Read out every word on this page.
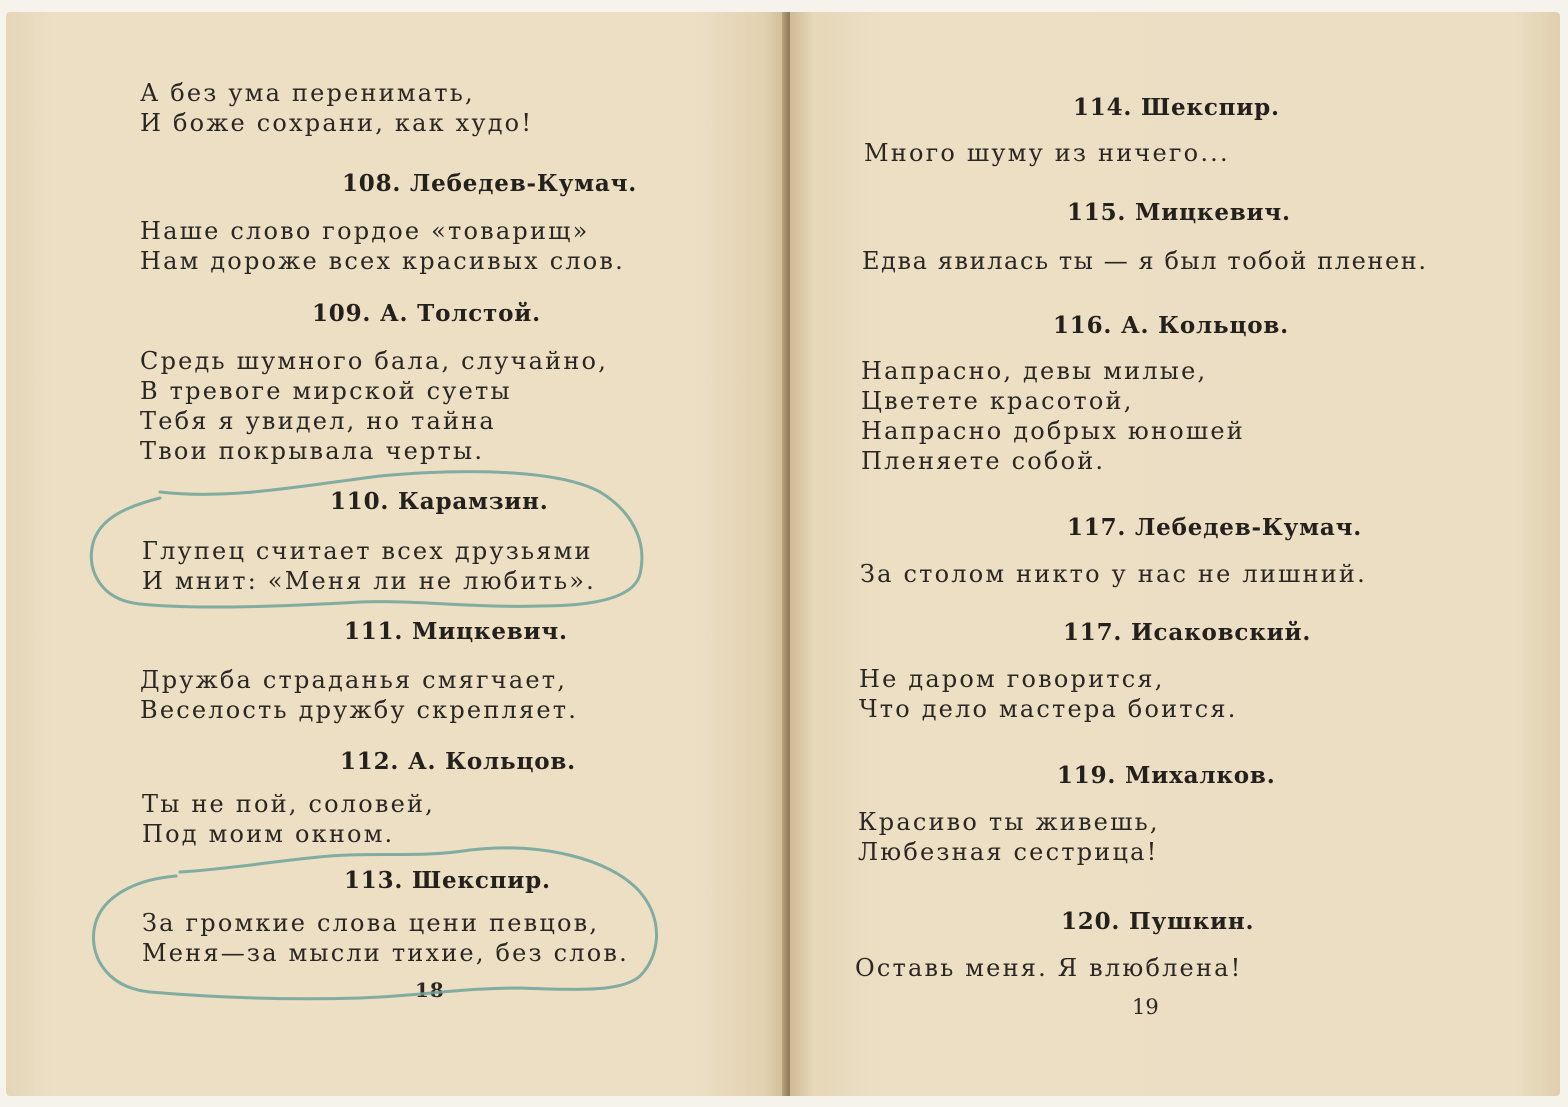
А без ума перенимать,
И боже сохрани, как худо!
108. Лебедев-Кумач.
Наше слово гордое «товарищ»
Нам дороже всех красивых слов.
109. А. Толстой.
Средь шумного бала, случайно,
В тревоге мирской суеты
Тебя я увидел, но тайна
Твои покрывала черты.
110. Карамзин.
Глупец считает всех друзьями
И мнит: «Меня ли не любить».
111. Мицкевич.
Дружба страданья смягчает,
Веселость дружбу скрепляет.
112. А. Кольцов.
Ты не пой, соловей,
Под моим окном.
113. Шекспир.
За громкие слова цени певцов,
Меня—за мысли тихие, без слов.
18
114. Шекспир.
Много шуму из ничего...
115. Мицкевич.
Едва явилась ты — я был тобой пленен.
116. А. Кольцов.
Напрасно, девы милые,
Цветете красотой,
Напрасно добрых юношей
Пленяете собой.
117. Лебедев-Кумач.
За столом никто у нас не лишний.
117. Исаковский.
Не даром говорится,
Что дело мастера боится.
119. Михалков.
Красиво ты живешь,
Любезная сестрица!
120. Пушкин.
Оставь меня. Я влюблена!
19
